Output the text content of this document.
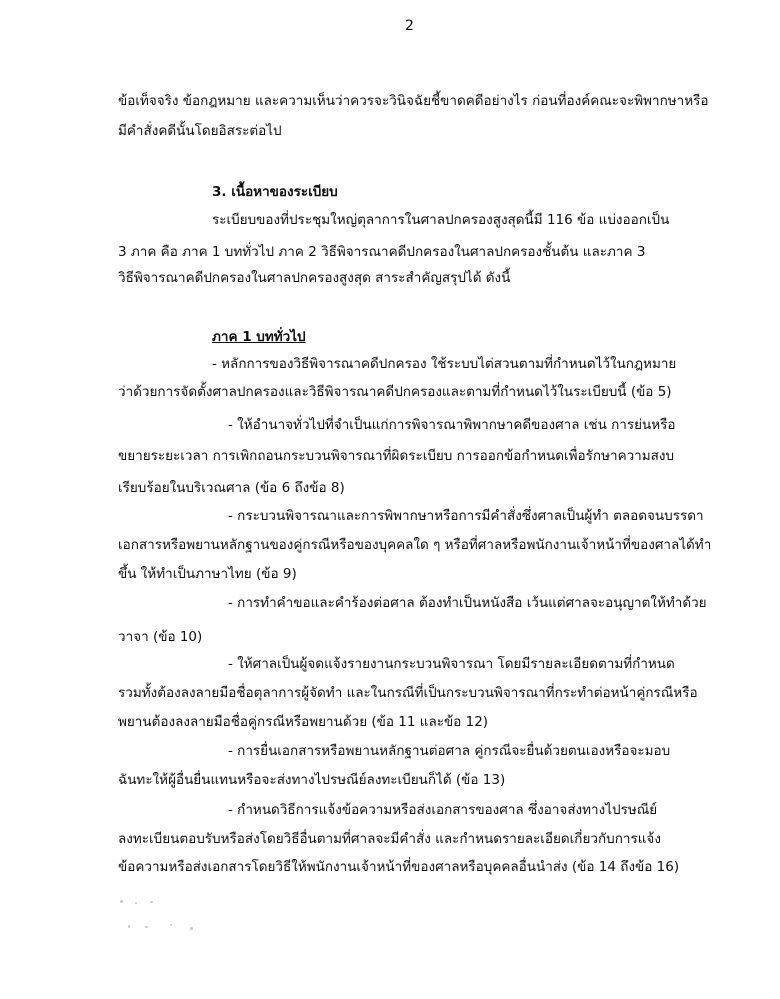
2
ข้อเท็จจริง ข้อกฎหมาย และความเห็นว่าควรจะวินิจฉัยชี้ขาดคดีอย่างไร ก่อนที่องค์คณะจะพิพากษาหรือ
มีคำสั่งคดีนั้นโดยอิสระต่อไป
3. เนื้อหาของระเบียบ
ระเบียบของที่ประชุมใหญ่ตุลาการในศาลปกครองสูงสุดนี้มี 116 ข้อ แบ่งออกเป็น
3 ภาค คือ ภาค 1 บททั่วไป ภาค 2 วิธีพิจารณาคดีปกครองในศาลปกครองชั้นต้น และภาค 3
วิธีพิจารณาคดีปกครองในศาลปกครองสูงสุด สาระสำคัญสรุปได้ ดังนี้
ภาค 1 บททั่วไป
- หลักการของวิธีพิจารณาคดีปกครอง ใช้ระบบไต่สวนตามที่กำหนดไว้ในกฎหมาย
ว่าด้วยการจัดตั้งศาลปกครองและวิธีพิจารณาคดีปกครองและตามที่กำหนดไว้ในระเบียบนี้ (ข้อ 5)
- ให้อำนาจทั่วไปที่จำเป็นแก่การพิจารณาพิพากษาคดีของศาล เช่น การย่นหรือ
ขยายระยะเวลา การเพิกถอนกระบวนพิจารณาที่ผิดระเบียบ การออกข้อกำหนดเพื่อรักษาความสงบ
เรียบร้อยในบริเวณศาล (ข้อ 6 ถึงข้อ 8)
- กระบวนพิจารณาและการพิพากษาหรือการมีคำสั่งซึ่งศาลเป็นผู้ทำ ตลอดจนบรรดา
เอกสารหรือพยานหลักฐานของคู่กรณีหรือของบุคคลใด ๆ หรือที่ศาลหรือพนักงานเจ้าหน้าที่ของศาลได้ทำ
ขึ้น ให้ทำเป็นภาษาไทย (ข้อ 9)
- การทำคำขอและคำร้องต่อศาล ต้องทำเป็นหนังสือ เว้นแต่ศาลจะอนุญาตให้ทำด้วย
วาจา (ข้อ 10)
- ให้ศาลเป็นผู้จดแจ้งรายงานกระบวนพิจารณา โดยมีรายละเอียดตามที่กำหนด
รวมทั้งต้องลงลายมือชื่อตุลาการผู้จัดทำ และในกรณีที่เป็นกระบวนพิจารณาที่กระทำต่อหน้าคู่กรณีหรือ
พยานต้องลงลายมือชื่อคู่กรณีหรือพยานด้วย (ข้อ 11 และข้อ 12)
- การยื่นเอกสารหรือพยานหลักฐานต่อศาล คู่กรณีจะยื่นด้วยตนเองหรือจะมอบ
ฉันทะให้ผู้อื่นยื่นแทนหรือจะส่งทางไปรษณีย์ลงทะเบียนก็ได้ (ข้อ 13)
- กำหนดวิธีการแจ้งข้อความหรือส่งเอกสารของศาล ซึ่งอาจส่งทางไปรษณีย์
ลงทะเบียนตอบรับหรือส่งโดยวิธีอื่นตามที่ศาลจะมีคำสั่ง และกำหนดรายละเอียดเกี่ยวกับการแจ้ง
ข้อความหรือส่งเอกสารโดยวิธีให้พนักงานเจ้าหน้าที่ของศาลหรือบุคคลอื่นนำส่ง (ข้อ 14 ถึงข้อ 16)
